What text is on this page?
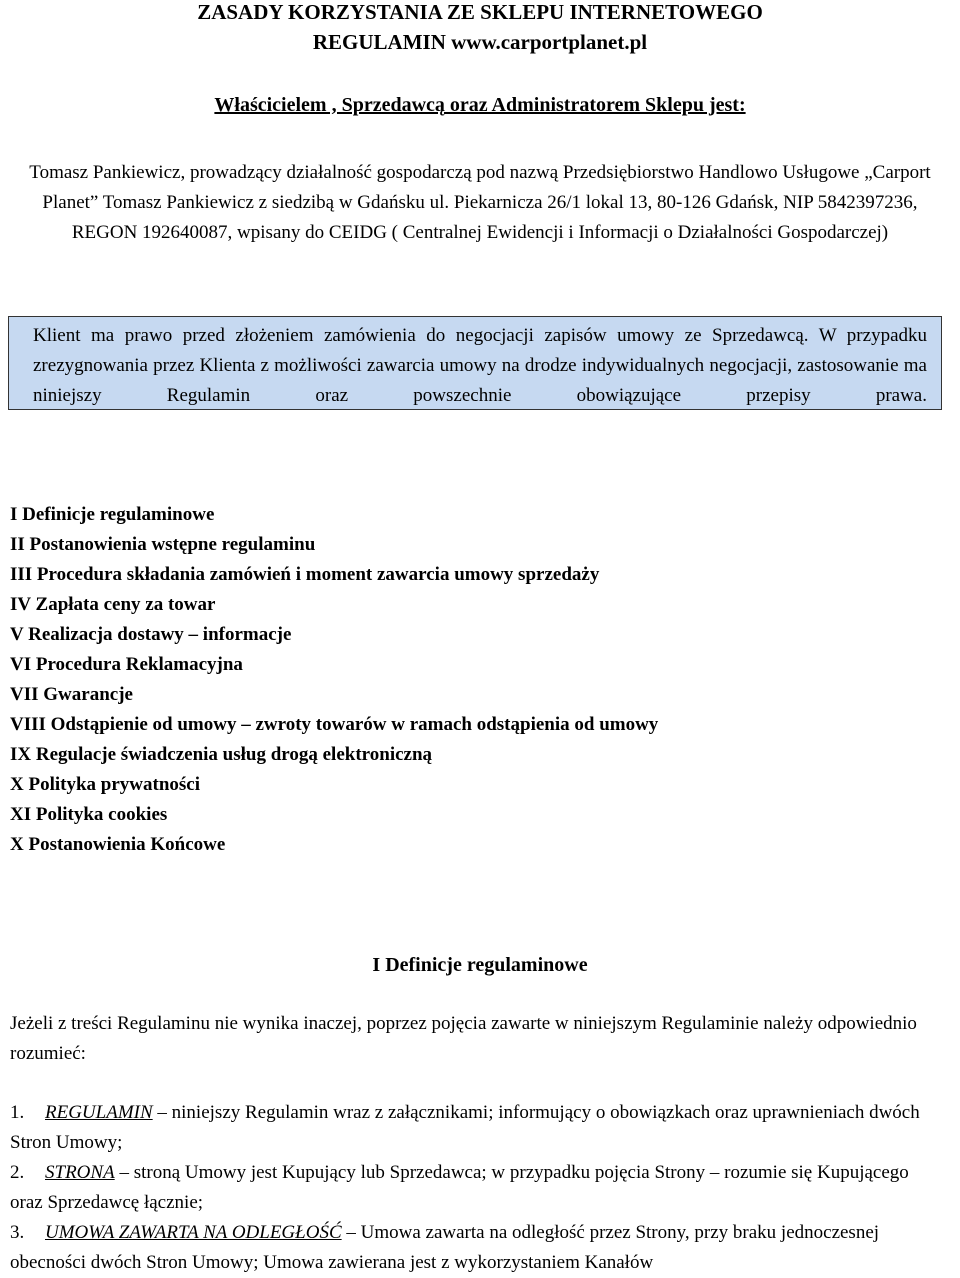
ZASADY KORZYSTANIA ZE SKLEPU INTERNETOWEGO
REGULAMIN www.carportplanet.pl
Właścicielem , Sprzedawcą oraz Administratorem Sklepu jest:

Tomasz Pankiewicz, prowadzący działalność gospodarczą pod nazwą Przedsiębiorstwo Handlowo Usługowe „Carport Planet” Tomasz Pankiewicz z siedzibą w Gdańsku ul. Piekarnicza 26/1 lokal 13, 80-126 Gdańsk, NIP 5842397236, REGON 192640087, wpisany do CEIDG ( Centralnej Ewidencji i Informacji o Działalności Gospodarczej)

Klient ma prawo przed złożeniem zamówienia do negocjacji zapisów umowy ze Sprzedawcą. W przypadku zrezygnowania przez Klienta z możliwości zawarcia umowy na drodze indywidualnych negocjacji, zastosowanie ma niniejszy Regulamin oraz powszechnie obowiązujące przepisy prawa.

I Definicje regulaminowe
II Postanowienia wstępne regulaminu
III Procedura składania zamówień i moment zawarcia umowy sprzedaży
IV Zapłata ceny za towar
V Realizacja dostawy – informacje
VI Procedura Reklamacyjna
VII Gwarancje
VIII Odstąpienie od umowy – zwroty towarów w ramach odstąpienia od umowy
IX Regulacje świadczenia usług drogą elektroniczną
X Polityka prywatności
XI Polityka cookies
X Postanowienia Końcowe
I Definicje regulaminowe

Jeżeli z treści Regulaminu nie wynika inaczej, poprzez pojęcia zawarte w niniejszym Regulaminie należy odpowiednio rozumieć:

1. REGULAMIN – niniejszy Regulamin wraz z załącznikami; informujący o obowiązkach oraz uprawnieniach dwóch Stron Umowy;
2. STRONA – stroną Umowy jest Kupujący lub Sprzedawca; w przypadku pojęcia Strony – rozumie się Kupującego oraz Sprzedawcę łącznie;
3. UMOWA ZAWARTA NA ODLEGŁOŚĆ – Umowa zawarta na odległość przez Strony, przy braku jednoczesnej obecności dwóch Stron Umowy; Umowa zawierana jest z wykorzystaniem Kanałów
